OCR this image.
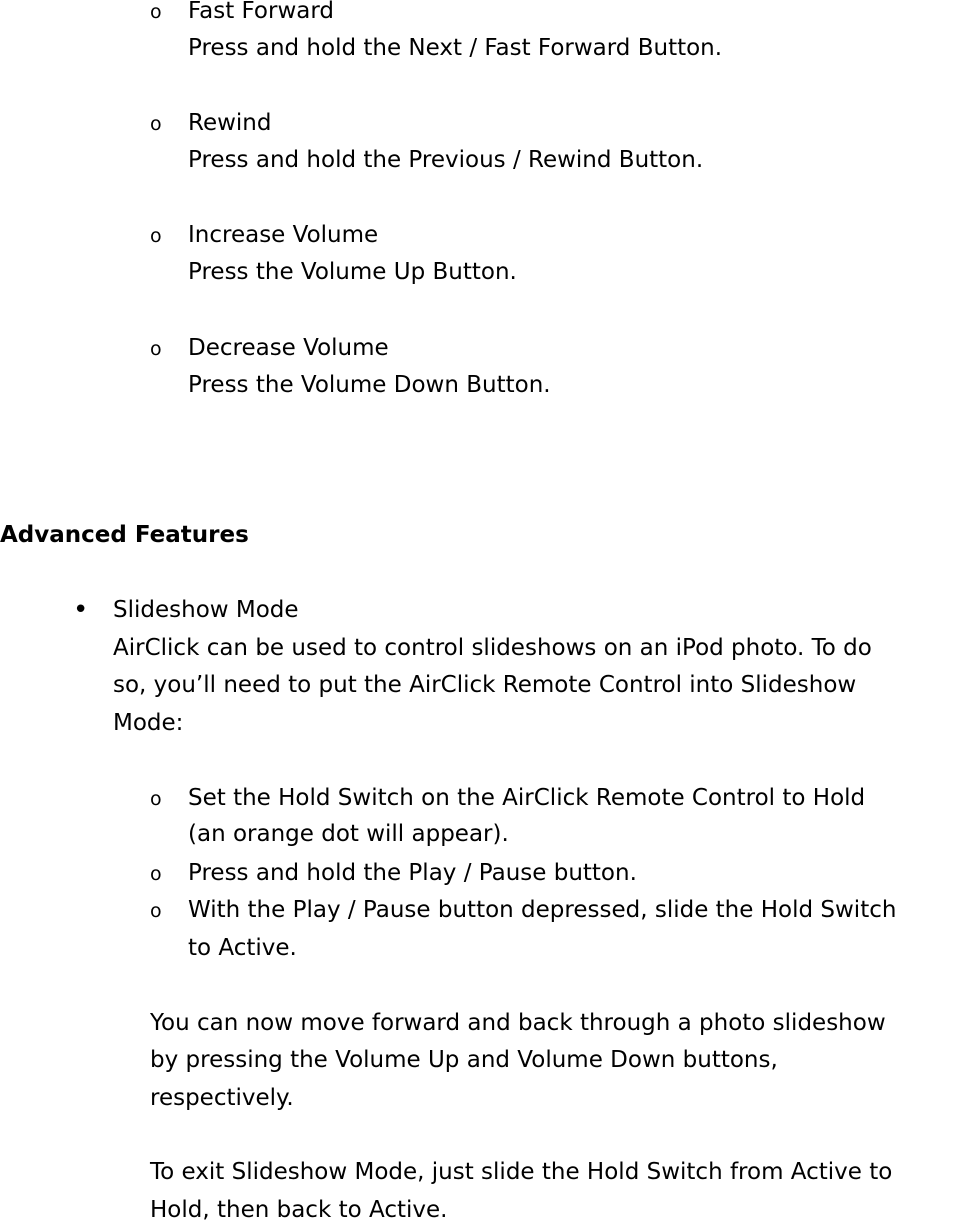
o Fast Forward
Press and hold the Next / Fast Forward Button.
o Rewind
Press and hold the Previous / Rewind Button.
o Increase Volume
Press the Volume Up Button.
o Decrease Volume
Press the Volume Down Button.
Advanced Features
• Slideshow Mode
AirClick can be used to control slideshows on an iPod photo. To do
so, you’ll need to put the AirClick Remote Control into Slideshow
Mode:
o Set the Hold Switch on the AirClick Remote Control to Hold
(an orange dot will appear).
o Press and hold the Play / Pause button.
o With the Play / Pause button depressed, slide the Hold Switch
to Active.
You can now move forward and back through a photo slideshow
by pressing the Volume Up and Volume Down buttons,
respectively.
To exit Slideshow Mode, just slide the Hold Switch from Active to
Hold, then back to Active.
